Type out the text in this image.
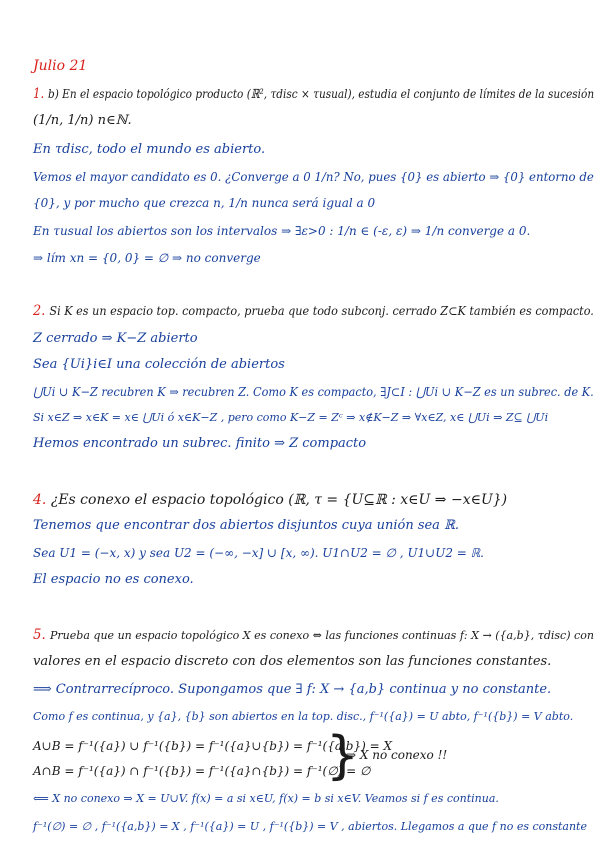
Julio 21
1. b) En el espacio topológico producto (ℝ², τdisc × τusual), estudia el conjunto de límites de la sucesión
(1/n, 1/n) n∈ℕ.
En τdisc, todo el mundo es abierto.
Vemos el mayor candidato es 0. ¿Converge a 0 1/n? No, pues {0} es abierto ⇒ {0} entorno de
{0}, y por mucho que crezca n, 1/n nunca será igual a 0
En τusual los abiertos son los intervalos ⇒ ∃ε>0 : 1/n ∈ (-ε, ε) ⇒ 1/n converge a 0.
⇒ lím xn = {0, 0} = ∅ ⇒ no converge
2. Si K es un espacio top. compacto, prueba que todo subconj. cerrado Z⊂K también es compacto.
Z cerrado ⇒ K−Z abierto
Sea {Ui}i∈I una colección de abiertos
⋃Ui ∪ K−Z recubren K ⇒ recubren Z. Como K es compacto, ∃J⊂I : ⋃Ui ∪ K−Z es un subrec. de K.
Si x∈Z ⇒ x∈K = x∈ ⋃Ui ó x∈K−Z , pero como K−Z = Zᶜ ⇒ x∉K−Z ⇒ ∀x∈Z, x∈ ⋃Ui ⇒ Z⊆ ⋃Ui
Hemos encontrado un subrec. finito ⇒ Z compacto
4. ¿Es conexo el espacio topológico (ℝ, τ = {U⊆ℝ : x∈U ⇒ −x∈U})
Tenemos que encontrar dos abiertos disjuntos cuya unión sea ℝ.
Sea U1 = (−x, x) y sea U2 = (−∞, −x] ∪ [x, ∞). U1∩U2 = ∅ , U1∪U2 = ℝ.
El espacio no es conexo.
5. Prueba que un espacio topológico X es conexo ⇔ las funciones continuas f: X → ({a,b}, τdisc) con
valores en el espacio discreto con dos elementos son las funciones constantes.
⟹ Contrarrecíproco. Supongamos que ∃ f: X → {a,b} continua y no constante.
Como f es continua, y {a}, {b} son abiertos en la top. disc., f⁻¹({a}) = U abto, f⁻¹({b}) = V abto.
A∪B = f⁻¹({a}) ∪ f⁻¹({b}) = f⁻¹({a}∪{b}) = f⁻¹({a,b}) = X
A∩B = f⁻¹({a}) ∩ f⁻¹({b}) = f⁻¹({a}∩{b}) = f⁻¹(∅) = ∅
}
⇒ X no conexo !!
⟸ X no conexo ⇒ X = U∪V. f(x) = a si x∈U, f(x) = b si x∈V. Veamos si f es continua.
f⁻¹(∅) = ∅ , f⁻¹({a,b}) = X , f⁻¹({a}) = U , f⁻¹({b}) = V , abiertos. Llegamos a que f no es constante
